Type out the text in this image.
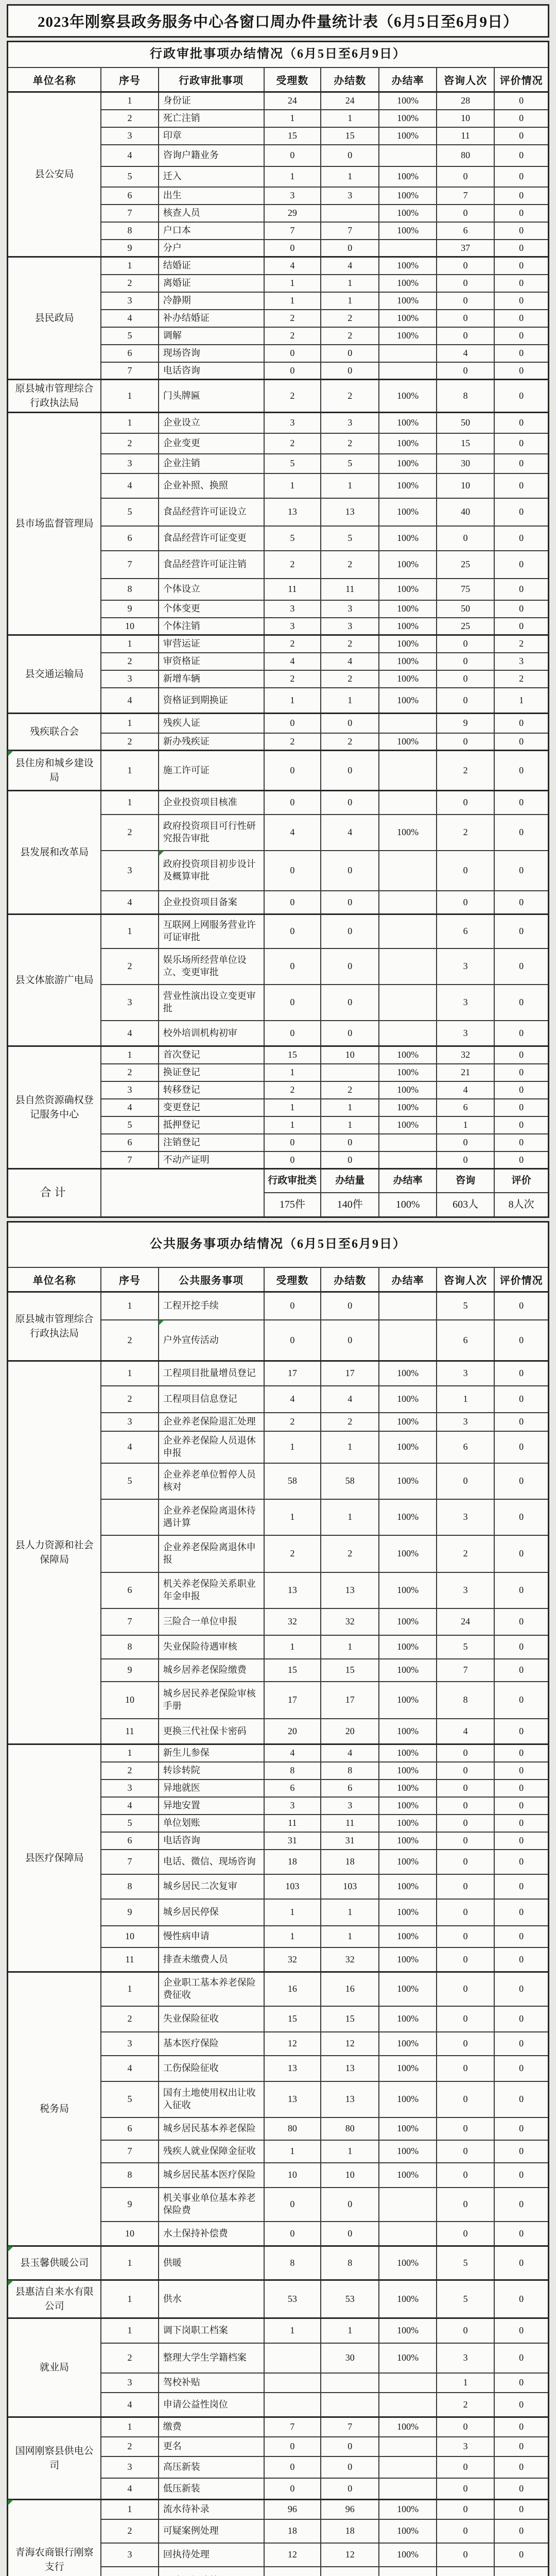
2023年刚察县政务服务中心各窗口周办件量统计表（6月5日至6月9日）
行政审批事项办结情况（6月5日至6月9日）							
单位名称	序号	行政审批事项	受理数	办结数	办结率	咨询人次	评价情况
县公安局	1	身份证	24	24	100%	28	0
	2	死亡注销	1	1	100%	10	0
	3	印章	15	15	100%	11	0
	4	咨询户籍业务	0	0		80	0
	5	迁入	1	1	100%	0	0
	6	出生	3	3	100%	7	0
	7	核查人员	29		100%	0	0
	8	户口本	7	7	100%	6	0
	9	分户	0	0		37	0
县民政局	1	结婚证	4	4	100%	0	0
	2	离婚证	1	1	100%	0	0
	3	冷静期	1	1	100%	0	0
	4	补办结婚证	2	2	100%	0	0
	5	调解	2	2	100%	0	0
	6	现场咨询	0	0		4	0
	7	电话咨询	0	0		0	0
原县城市管理综合行政执法局	1	门头牌匾	2	2	100%	8	0
县市场监督管理局	1	企业设立	3	3	100%	50	0
	2	企业变更	2	2	100%	15	0
	3	企业注销	5	5	100%	30	0
	4	企业补照、换照	1	1	100%	10	0
	5	食品经营许可证设立	13	13	100%	40	0
	6	食品经营许可证变更	5	5	100%	0	0
	7	食品经营许可证注销	2	2	100%	25	0
	8	个体设立	11	11	100%	75	0
	9	个体变更	3	3	100%	50	0
	10	个体注销	3	3	100%	25	0
县交通运输局	1	审营运证	2	2	100%	0	2
	2	审资格证	4	4	100%	0	3
	3	新增车辆	2	2	100%	0	2
	4	资格证到期换证	1	1	100%	0	1
残疾联合会	1	残疾人证	0	0		9	0
	2	新办残疾证	2	2	100%	0	0
县住房和城乡建设局	1	施工许可证	0	0		2	0
县发展和改革局	1	企业投资项目核准	0	0		0	0
	2	政府投资项目可行性研究报告审批	4	4	100%	2	0
	3	政府投资项目初步设计及概算审批	0	0		0	0
	4	企业投资项目备案	0	0		0	0
县文体旅游广电局	1	互联网上网服务营业许可证审批	0	0		6	0
	2	娱乐场所经营单位设立、变更审批	0	0		3	0
	3	营业性演出设立变更审批	0	0		3	0
	4	校外培训机构初审	0	0		3	0
县自然资源确权登记服务中心	1	首次登记	15	10	100%	32	0
	2	换证登记	1		100%	21	0
	3	转移登记	2	2	100%	4	0
	4	变更登记	1	1	100%	6	0
	5	抵押登记	1	1	100%	1	0
	6	注销登记	0	0		0	0
	7	不动产证明	0	0		0	0
合计			行政审批类	办结量	办结率	咨询	评价
			175件	140件	100%	603人	8人次
公共服务事项办结情况（6月5日至6月9日）							
单位名称	序号	公共服务事项	受理数	办结数	办结率	咨询人次	评价情况
原县城市管理综合行政执法局	1	工程开挖手续	0	0		5	0
	2	户外宣传活动	0	0		6	0
县人力资源和社会保障局	1	工程项目批量增员登记	17	17	100%	3	0
	2	工程项目信息登记	4	4	100%	1	0
	3	企业养老保险退汇处理	2	2	100%	3	0
	4	企业养老保险人员退休申报	1	1	100%	6	0
	5	企业养老单位暂停人员核对	58	58	100%	0	0
		企业养老保险离退休待遇计算	1	1	100%	3	0
		企业养老保险离退休申报	2	2	100%	2	0
	6	机关养老保险关系职业年金申报	13	13	100%	3	0
	7	三险合一单位申报	32	32	100%	24	0
	8	失业保险待遇审核	1	1	100%	5	0
	9	城乡居养老保险缴费	15	15	100%	7	0
	10	城乡居民养老保险审核手册	17	17	100%	8	0
	11	更换三代社保卡密码	20	20	100%	4	0
县医疗保障局	1	新生儿参保	4	4	100%	0	0
	2	转诊转院	8	8	100%	0	0
	3	异地就医	6	6	100%	0	0
	4	异地安置	3	3	100%	0	0
	5	单位划账	11	11	100%	0	0
	6	电话咨询	31	31	100%	0	0
	7	电话、微信、现场咨询	18	18	100%	0	0
	8	城乡居民二次复审	103	103	100%	0	0
	9	城乡居民停保	1	1	100%	0	0
	10	慢性病申请	1	1	100%	0	0
	11	排查未缴费人员	32	32	100%	0	0
税务局	1	企业职工基本养老保险费征收	16	16	100%	0	0
	2	失业保险征收	15	15	100%	0	0
	3	基本医疗保险	12	12	100%	0	0
	4	工伤保险征收	13	13	100%	0	0
	5	国有土地使用权出让收入征收	13	13	100%	0	0
	6	城乡居民基本养老保险	80	80	100%	0	0
	7	残疾人就业保障金征收	1	1	100%	0	0
	8	城乡居民基本医疗保险	10	10	100%	0	0
	9	机关事业单位基本养老保险费	0	0		0	0
	10	水土保持补偿费	0	0		0	0
县玉馨供暖公司	1	供暖	8	8	100%	5	0
县惠洁自来水有限公司	1	供水	53	53	100%	5	0
就业局	1	调下岗职工档案	1	1	100%	0	0
	2	整理大学生学籍档案		30	100%	3	0
	3	驾校补贴				1	0
	4	申请公益性岗位				2	0
国网刚察县供电公司	1	缴费	7	7	100%	0	0
	2	更名	0	0		3	0
	3	高压新装	0	0		0	0
	4	低压新装	0	0		0	0
青海农商银行刚察支行	1	流水待补录	96	96	100%	0	0
	2	可疑案例处理	18	18	100%	0	0
	3	回执待处理	12	12	100%	0	0
